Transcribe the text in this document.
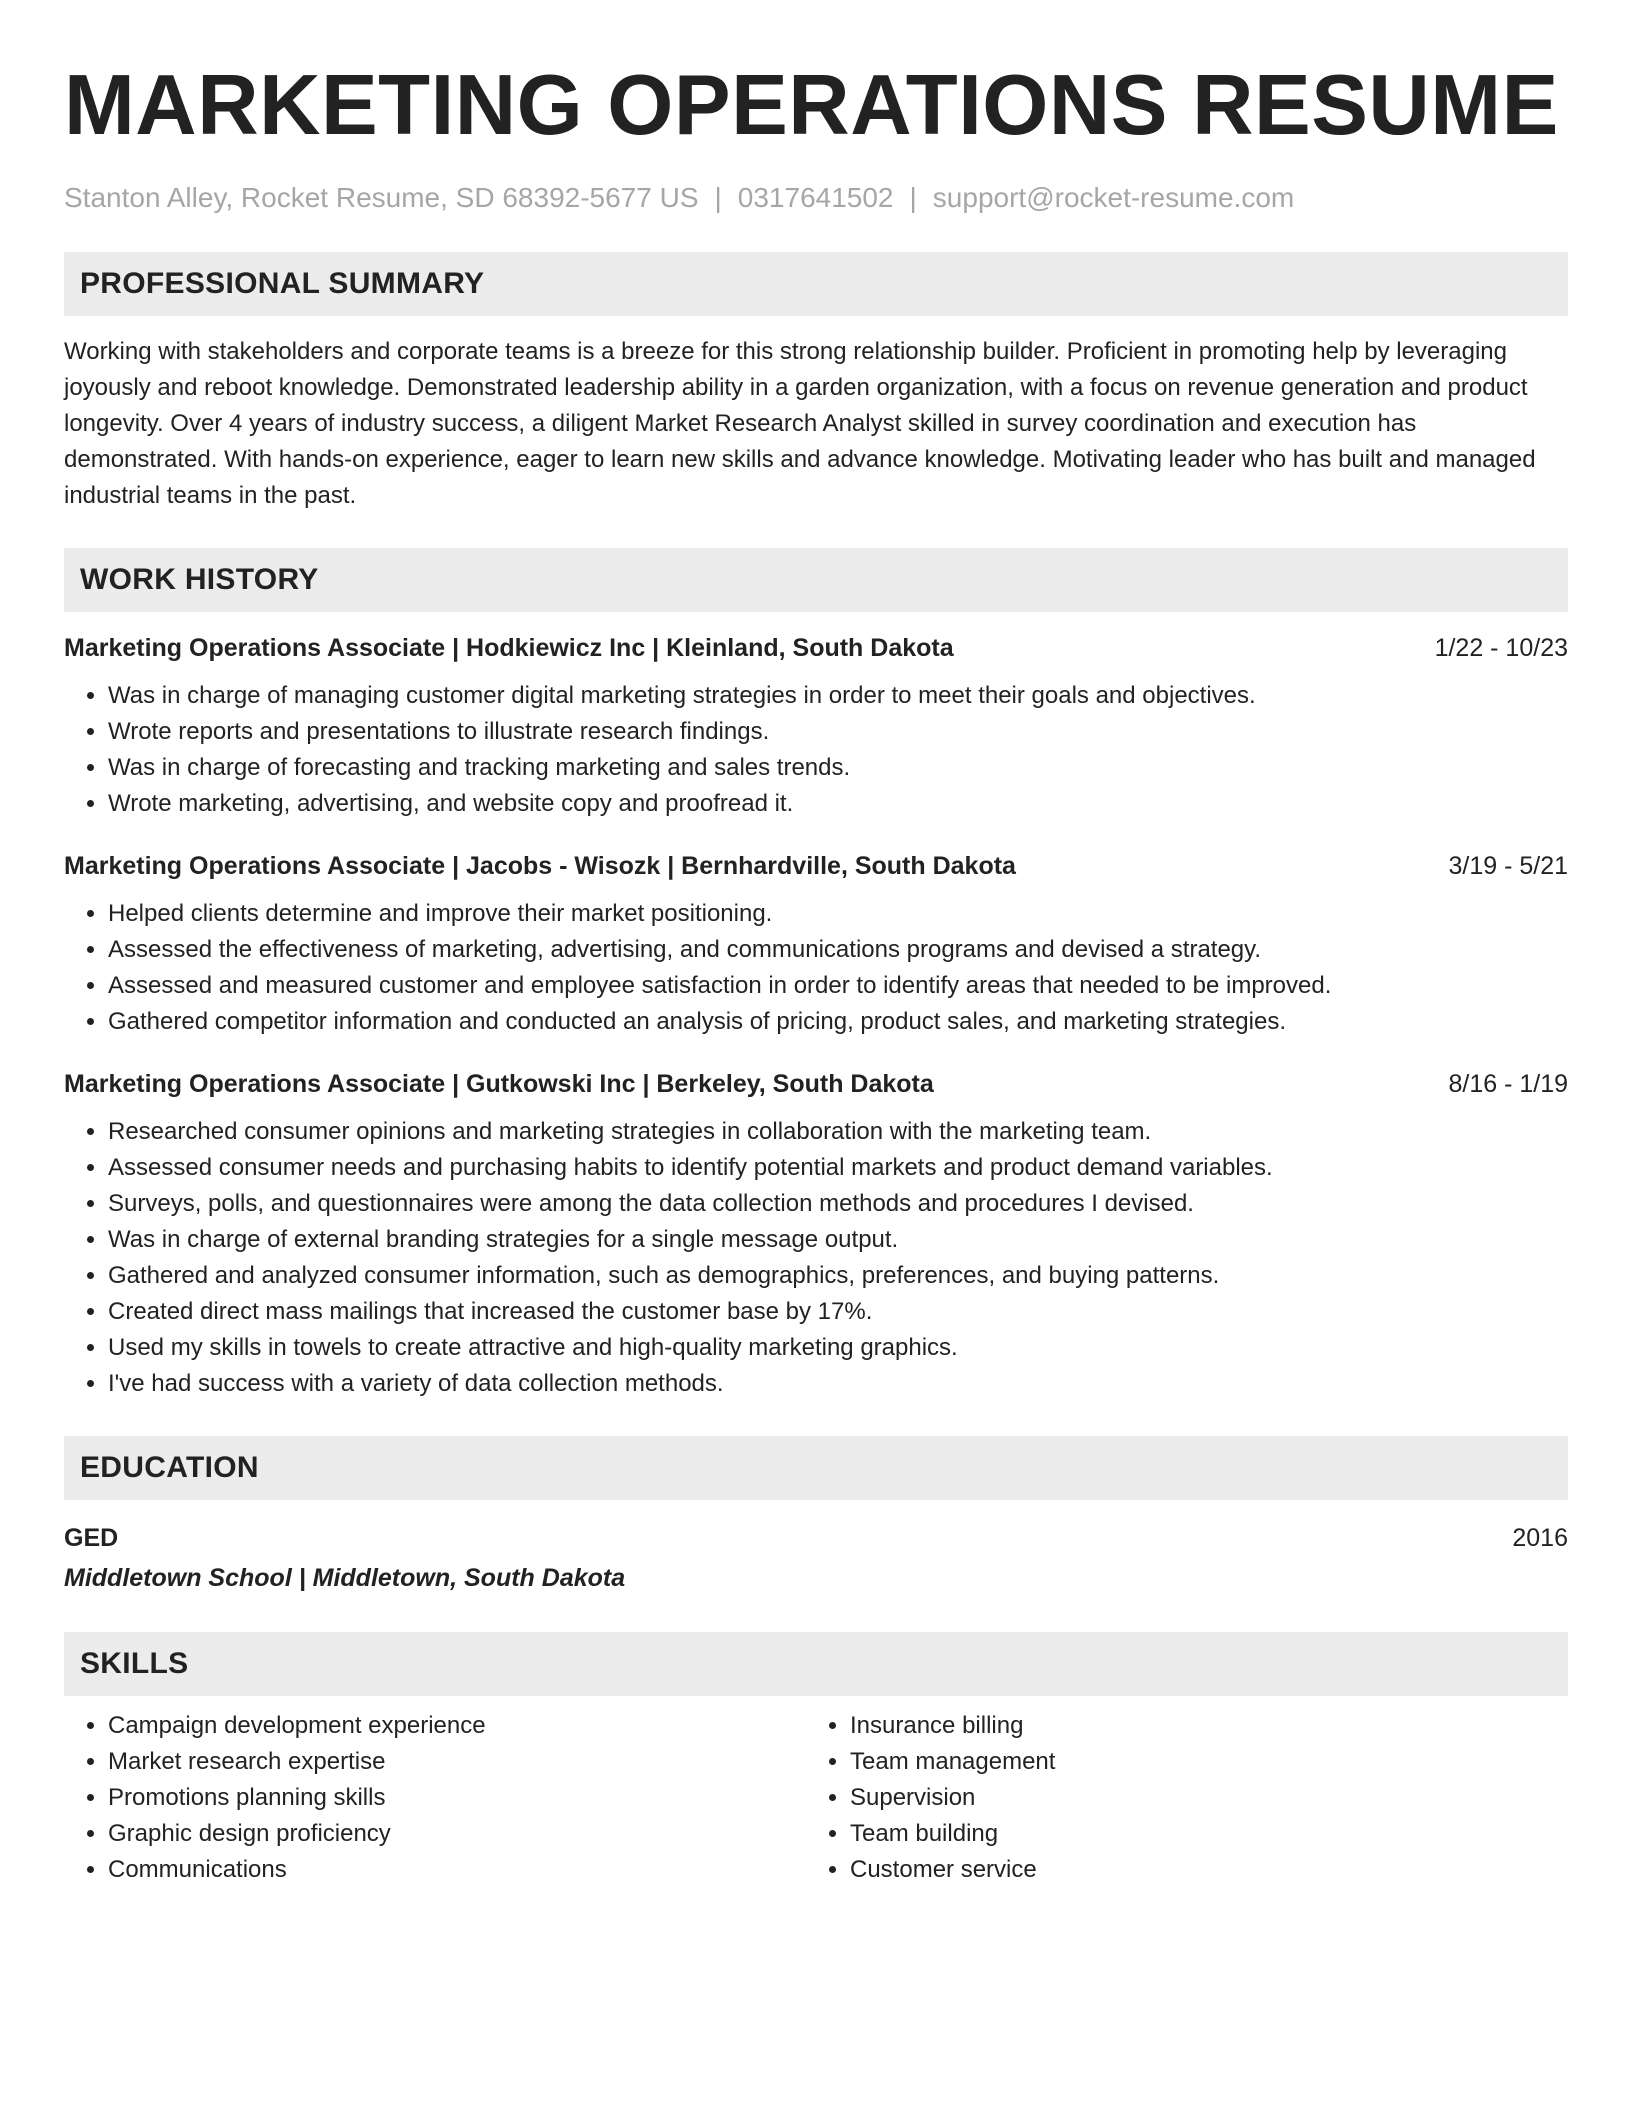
MARKETING OPERATIONS RESUME
Stanton Alley, Rocket Resume, SD 68392-5677 US | 0317641502 | support@rocket-resume.com
PROFESSIONAL SUMMARY
Working with stakeholders and corporate teams is a breeze for this strong relationship builder. Proficient in promoting help by leveraging joyously and reboot knowledge. Demonstrated leadership ability in a garden organization, with a focus on revenue generation and product longevity. Over 4 years of industry success, a diligent Market Research Analyst skilled in survey coordination and execution has demonstrated. With hands-on experience, eager to learn new skills and advance knowledge. Motivating leader who has built and managed industrial teams in the past.
WORK HISTORY
Marketing Operations Associate | Hodkiewicz Inc | Kleinland, South Dakota	1/22 - 10/23
• Was in charge of managing customer digital marketing strategies in order to meet their goals and objectives.
• Wrote reports and presentations to illustrate research findings.
• Was in charge of forecasting and tracking marketing and sales trends.
• Wrote marketing, advertising, and website copy and proofread it.
Marketing Operations Associate | Jacobs - Wisozk | Bernhardville, South Dakota	3/19 - 5/21
• Helped clients determine and improve their market positioning.
• Assessed the effectiveness of marketing, advertising, and communications programs and devised a strategy.
• Assessed and measured customer and employee satisfaction in order to identify areas that needed to be improved.
• Gathered competitor information and conducted an analysis of pricing, product sales, and marketing strategies.
Marketing Operations Associate | Gutkowski Inc | Berkeley, South Dakota	8/16 - 1/19
• Researched consumer opinions and marketing strategies in collaboration with the marketing team.
• Assessed consumer needs and purchasing habits to identify potential markets and product demand variables.
• Surveys, polls, and questionnaires were among the data collection methods and procedures I devised.
• Was in charge of external branding strategies for a single message output.
• Gathered and analyzed consumer information, such as demographics, preferences, and buying patterns.
• Created direct mass mailings that increased the customer base by 17%.
• Used my skills in towels to create attractive and high-quality marketing graphics.
• I've had success with a variety of data collection methods.
EDUCATION
GED	2016
Middletown School | Middletown, South Dakota
SKILLS
• Campaign development experience
• Market research expertise
• Promotions planning skills
• Graphic design proficiency
• Communications
• Insurance billing
• Team management
• Supervision
• Team building
• Customer service
